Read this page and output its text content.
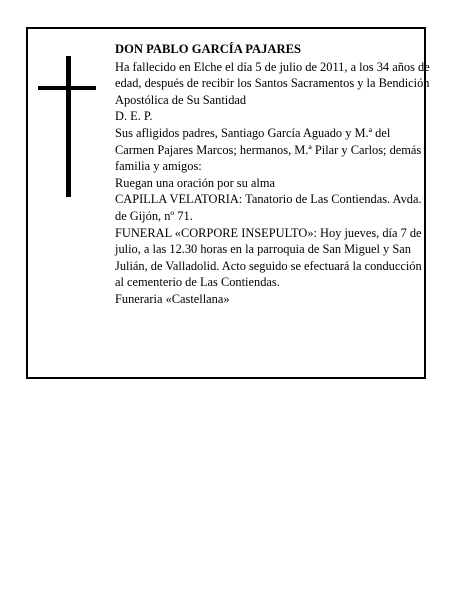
DON PABLO GARCÍA PAJARES

Ha fallecido en Elche el día 5 de julio de 2011, a los 34 años de edad, después de recibir los Santos Sacramentos y la Bendición Apostólica de Su Santidad

D. E. P.

Sus afligidos padres, Santiago García Aguado y M.ª del Carmen Pajares Marcos; hermanos, M.ª Pilar y Carlos; demás familia y amigos:

Ruegan una oración por su alma

CAPILLA VELATORIA: Tanatorio de Las Contiendas. Avda. de Gijón, nº 71.

FUNERAL «CORPORE INSEPULTO»: Hoy jueves, día 7 de julio, a las 12.30 horas en la parroquia de San Miguel y San Julián, de Valladolid. Acto seguido se efectuará la conducción al cementerio de Las Contiendas.

Funeraria «Castellana»
